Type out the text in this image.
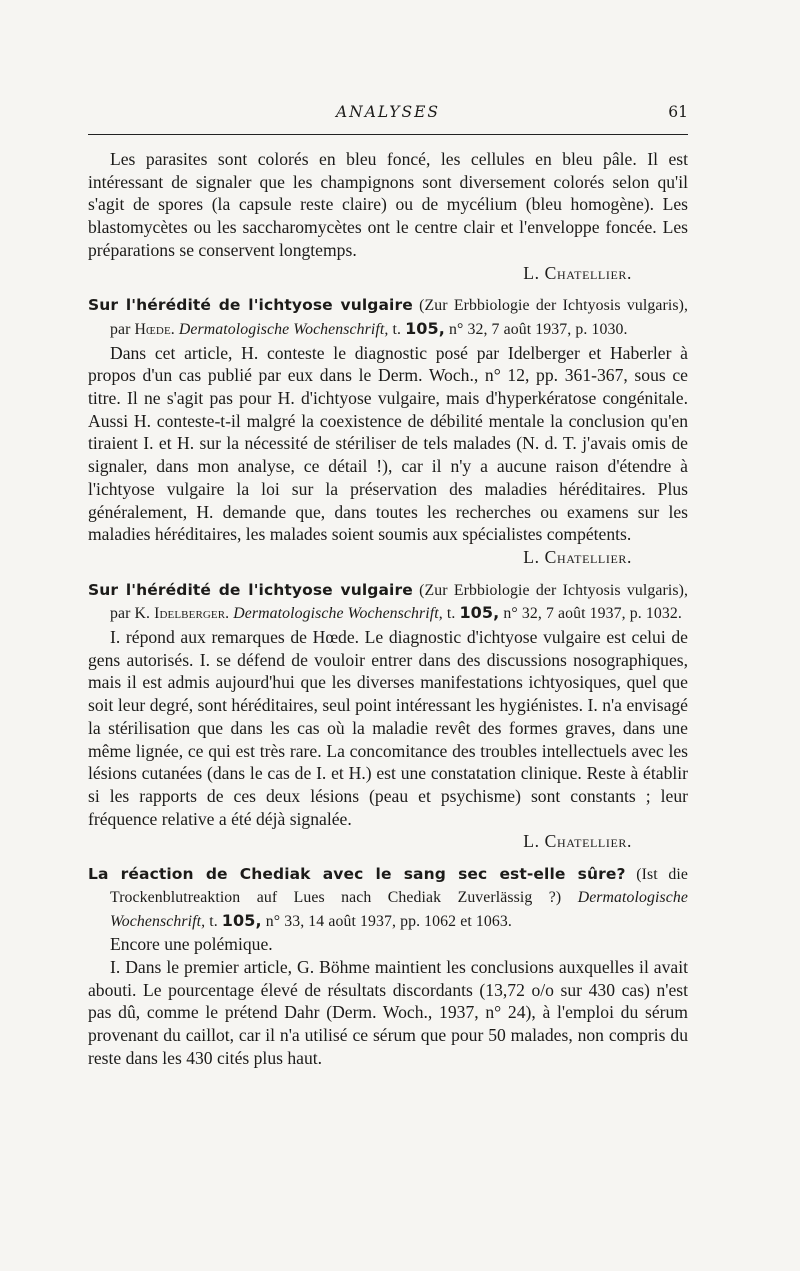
ANALYSES	61

Les parasites sont colorés en bleu foncé, les cellules en bleu pâle. Il est intéressant de signaler que les champignons sont diversement colorés selon qu'il s'agit de spores (la capsule reste claire) ou de mycélium (bleu homogène). Les blastomycètes ou les saccharomycètes ont le centre clair et l'enveloppe foncée. Les préparations se conservent longtemps.

L. Chatellier.

Sur l'hérédité de l'ichtyose vulgaire (Zur Erbbiologie der Ichtyosis vulgaris), par Hœde. Dermatologische Wochenschrift, t. 105, n° 32, 7 août 1937, p. 1030.

Dans cet article, H. conteste le diagnostic posé par Idelberger et Haberler à propos d'un cas publié par eux dans le Derm. Woch., n° 12, pp. 361-367, sous ce titre. Il ne s'agit pas pour H. d'ichtyose vulgaire, mais d'hyperkératose congénitale. Aussi H. conteste-t-il malgré la coexistence de débilité mentale la conclusion qu'en tiraient I. et H. sur la nécessité de stériliser de tels malades (N. d. T. j'avais omis de signaler, dans mon analyse, ce détail !), car il n'y a aucune raison d'étendre à l'ichtyose vulgaire la loi sur la préservation des maladies héréditaires. Plus généralement, H. demande que, dans toutes les recherches ou examens sur les maladies héréditaires, les malades soient soumis aux spécialistes compétents.

L. Chatellier.

Sur l'hérédité de l'ichtyose vulgaire (Zur Erbbiologie der Ichtyosis vulgaris), par K. Idelberger. Dermatologische Wochenschrift, t. 105, n° 32, 7 août 1937, p. 1032.

I. répond aux remarques de Hœde. Le diagnostic d'ichtyose vulgaire est celui de gens autorisés. I. se défend de vouloir entrer dans des discussions nosographiques, mais il est admis aujourd'hui que les diverses manifestations ichtyosiques, quel que soit leur degré, sont héréditaires, seul point intéressant les hygiénistes. I. n'a envisagé la stérilisation que dans les cas où la maladie revêt des formes graves, dans une même lignée, ce qui est très rare. La concomitance des troubles intellectuels avec les lésions cutanées (dans le cas de I. et H.) est une constatation clinique. Reste à établir si les rapports de ces deux lésions (peau et psychisme) sont constants ; leur fréquence relative a été déjà signalée.

L. Chatellier.

La réaction de Chediak avec le sang sec est-elle sûre? (Ist die Trockenblutreaktion auf Lues nach Chediak Zuverlässig ?) Dermatologische Wochenschrift, t. 105, n° 33, 14 août 1937, pp. 1062 et 1063.

Encore une polémique.

I. Dans le premier article, G. Böhme maintient les conclusions auxquelles il avait abouti. Le pourcentage élevé de résultats discordants (13,72 o/o sur 430 cas) n'est pas dû, comme le prétend Dahr (Derm. Woch., 1937, n° 24), à l'emploi du sérum provenant du caillot, car il n'a utilisé ce sérum que pour 50 malades, non compris du reste dans les 430 cités plus haut.
